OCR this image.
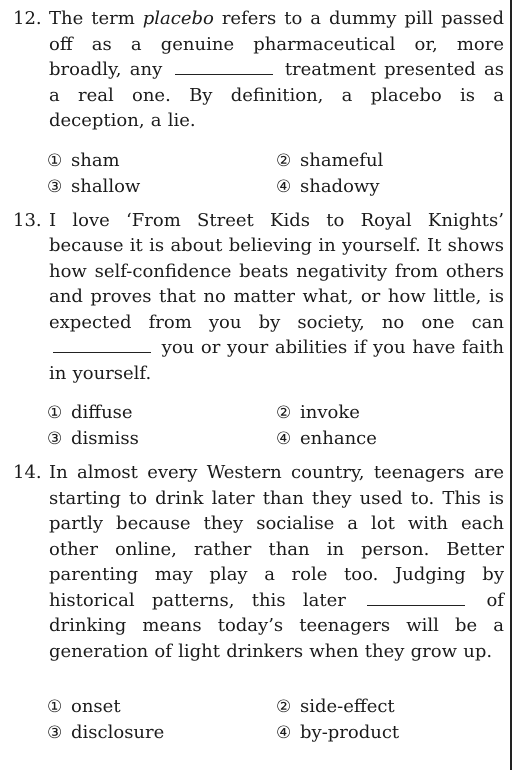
12. The term placebo refers to a dummy pill passed off as a genuine pharmaceutical or, more broadly, any	treatment presented as a real one. By definition, a placebo is a deception, a lie.
① sham	② shameful
③ shallow	④ shadowy
13. I love ‘From Street Kids to Royal Knights’ because it is about believing in yourself. It shows how self-confidence beats negativity from others and proves that no matter what, or how little, is expected from you by society, no one can  you or your abilities if you have faith in yourself.
① diffuse	② invoke
③ dismiss	④ enhance
14. In almost every Western country, teenagers are starting to drink later than they used to. This is partly because they socialise a lot with each other online, rather than in person. Better parenting may play a role too. Judging by historical patterns, this later	of drinking means today’s teenagers will be a generation of light drinkers when they grow up.
① onset	② side-effect
③ disclosure	④ by-product
